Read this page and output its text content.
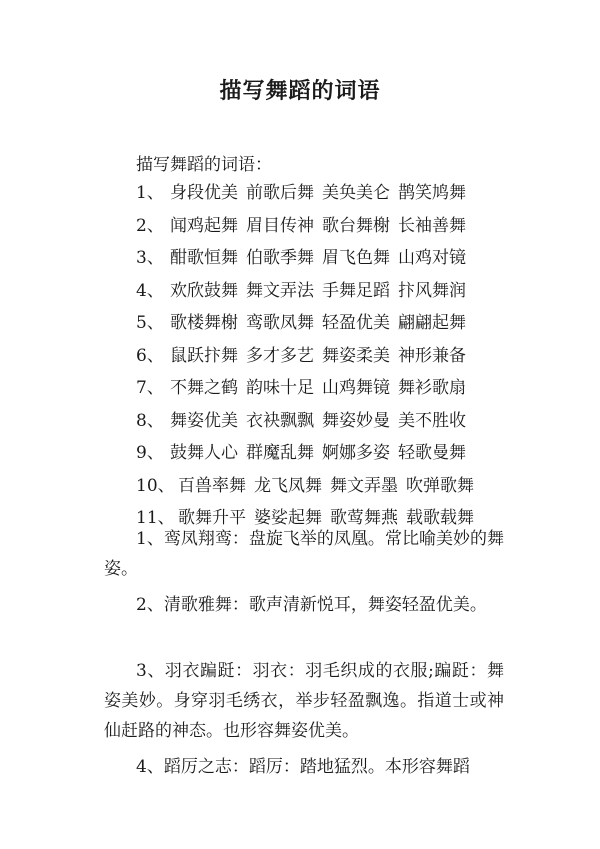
描写舞蹈的词语
描写舞蹈的词语：
1、 身段优美 前歌后舞 美奂美仑 鹊笑鸠舞
2、 闻鸡起舞 眉目传神 歌台舞榭 长袖善舞
3、 酣歌恒舞 伯歌季舞 眉飞色舞 山鸡对镜
4、 欢欣鼓舞 舞文弄法 手舞足蹈 抃风舞润
5、 歌楼舞榭 鸾歌凤舞 轻盈优美 翩翩起舞
6、 鼠跃抃舞 多才多艺 舞姿柔美 神形兼备
7、 不舞之鹤 韵味十足 山鸡舞镜 舞衫歌扇
8、 舞姿优美 衣袂飘飘 舞姿妙曼 美不胜收
9、 鼓舞人心 群魔乱舞 婀娜多姿 轻歌曼舞
10、 百兽率舞 龙飞凤舞 舞文弄墨 吹弹歌舞
11、 歌舞升平 婆娑起舞 歌莺舞燕 载歌载舞

1、鸾凤翔鸾：盘旋飞举的凤凰。常比喻美妙的舞姿。

2、清歌雅舞：歌声清新悦耳，舞姿轻盈优美。

3、羽衣蹁跹：羽衣：羽毛织成的衣服;蹁跹：舞姿美妙。身穿羽毛绣衣，举步轻盈飘逸。指道士或神仙赶路的神态。也形容舞姿优美。

4、蹈厉之志：蹈厉：踏地猛烈。本形容舞蹈
